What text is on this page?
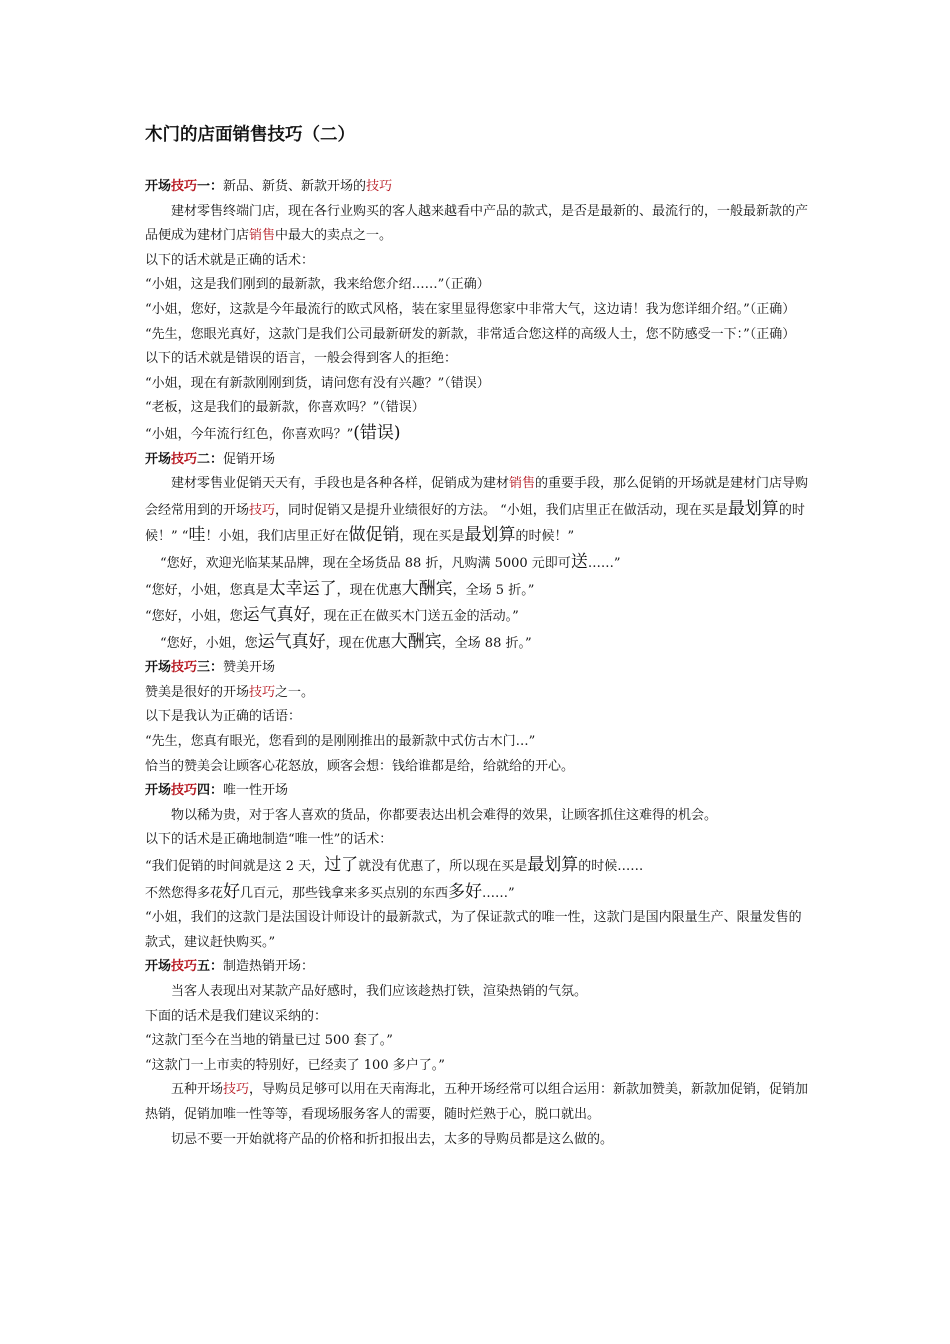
木门的店面销售技巧（二）

开场技巧一：新品、新货、新款开场的技巧

建材零售终端门店，现在各行业购买的客人越来越看中产品的款式，是否是最新的、最流行的，一般最新款的产品便成为建材门店销售中最大的卖点之一。

以下的话术就是正确的话术：

“小姐，这是我们刚到的最新款，我来给您介绍……”（正确）

“小姐，您好，这款是今年最流行的欧式风格，装在家里显得您家中非常大气，这边请！我为您详细介绍。”（正确）

“先生，您眼光真好，这款门是我们公司最新研发的新款，非常适合您这样的高级人士，您不防感受一下：”（正确）

以下的话术就是错误的语言，一般会得到客人的拒绝：

“小姐，现在有新款刚刚到货，请问您有没有兴趣？”（错误）

“老板，这是我们的最新款，你喜欢吗？”（错误）

“小姐，今年流行红色，你喜欢吗？”(错误)

开场技巧二：促销开场

建材零售业促销天天有，手段也是各种各样，促销成为建材销售的重要手段，那么促销的开场就是建材门店导购会经常用到的开场技巧，同时促销又是提升业绩很好的方法。 “小姐，我们店里正在做活动，现在买是最划算的时候！” “哇！小姐，我们店里正好在做促销，现在买是最划算的时候！”

“您好，欢迎光临某某品牌，现在全场货品 88 折，凡购满 5000 元即可送……”

“您好，小姐，您真是太幸运了，现在优惠大酬宾，全场 5 折。”

“您好，小姐，您运气真好，现在正在做买木门送五金的活动。”

“您好，小姐，您运气真好，现在优惠大酬宾，全场 88 折。”

开场技巧三：赞美开场

赞美是很好的开场技巧之一。

以下是我认为正确的话语：

“先生，您真有眼光，您看到的是刚刚推出的最新款中式仿古木门…”

恰当的赞美会让顾客心花怒放，顾客会想：钱给谁都是给，给就给的开心。

开场技巧四：唯一性开场

物以稀为贵，对于客人喜欢的货品，你都要表达出机会难得的效果，让顾客抓住这难得的机会。

以下的话术是正确地制造“唯一性”的话术：

“我们促销的时间就是这 2 天，过了就没有优惠了，所以现在买是最划算的时候……

不然您得多花好几百元，那些钱拿来多买点别的东西多好……”

“小姐，我们的这款门是法国设计师设计的最新款式，为了保证款式的唯一性，这款门是国内限量生产、限量发售的款式，建议赶快购买。”

开场技巧五：制造热销开场：

当客人表现出对某款产品好感时，我们应该趁热打铁，渲染热销的气氛。

下面的话术是我们建议采纳的：

“这款门至今在当地的销量已过 500 套了。”

“这款门一上市卖的特别好，已经卖了 100 多户了。”

五种开场技巧，导购员足够可以用在天南海北，五种开场经常可以组合运用：新款加赞美，新款加促销，促销加热销，促销加唯一性等等，看现场服务客人的需要，随时烂熟于心，脱口就出。

切忌不要一开始就将产品的价格和折扣报出去，太多的导购员都是这么做的。
